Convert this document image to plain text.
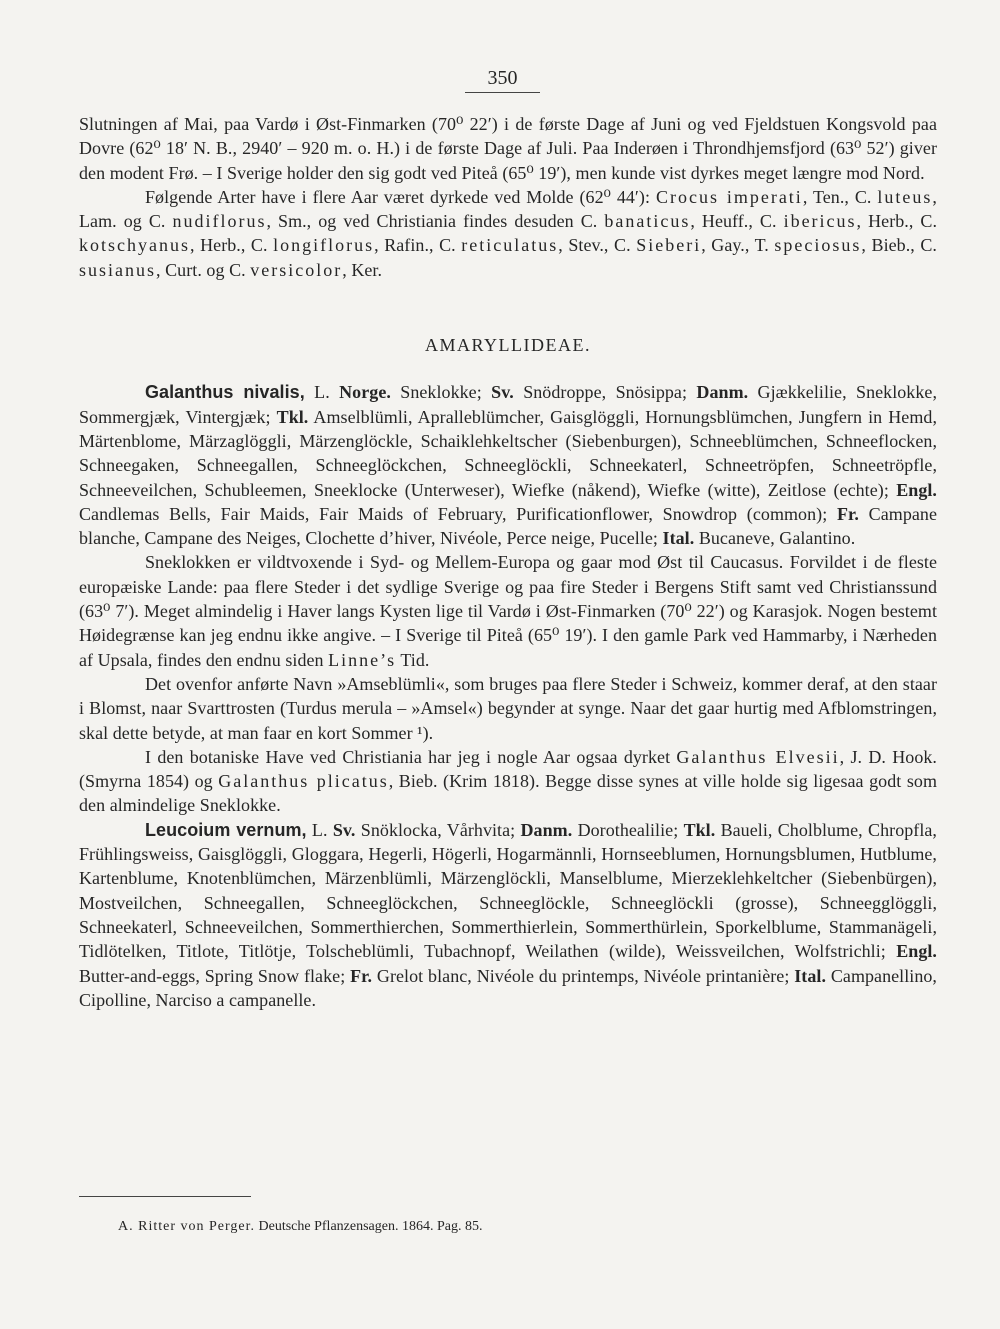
350

Slutningen af Mai, paa Vardø i Øst-Finmarken (70⁰ 22′) i de første Dage af Juni og ved Fjeldstuen Kongsvold paa Dovre (62⁰ 18′ N. B., 2940′ – 920 m. o. H.) i de første Dage af Juli. Paa Inderøen i Throndhjemsfjord (63⁰ 52′) giver den modent Frø. – I Sverige holder den sig godt ved Piteå (65⁰ 19′), men kunde vist dyrkes meget længre mod Nord.

Følgende Arter have i flere Aar været dyrkede ved Molde (62⁰ 44′): Crocus imperati, Ten., C. luteus, Lam. og C. nudiflorus, Sm., og ved Christiania findes desuden C. banaticus, Heuff., C. ibericus, Herb., C. kotschyanus, Herb., C. longiflorus, Rafin., C. reticulatus, Stev., C. Sieberi, Gay., T. speciosus, Bieb., C. susianus, Curt. og C. versicolor, Ker.

AMARYLLIDEAE.

Galanthus nivalis, L. Norge. Sneklokke; Sv. Snödroppe, Snösippa; Danm. Gjækkelilie, Sneklokke, Sommergjæk, Vintergjæk; Tkl. Amselblümli, Apralleblümcher, Gaisglöggli, Hornungsblümchen, Jungfern in Hemd, Märtenblome, Märzaglöggli, Märzenglöckle, Schaiklehkeltscher (Siebenburgen), Schneeblümchen, Schneeflocken, Schneegaken, Schneegallen, Schneeglöckchen, Schneeglöckli, Schneekaterl, Schneetröpfen, Schneetröpfle, Schneeveilchen, Schubleemen, Sneeklocke (Unterweser), Wiefke (nåkend), Wiefke (witte), Zeitlose (echte); Engl. Candlemas Bells, Fair Maids, Fair Maids of February, Purificationflower, Snowdrop (common); Fr. Campane blanche, Campane des Neiges, Clochette d’hiver, Nivéole, Perce neige, Pucelle; Ital. Bucaneve, Galantino.

Sneklokken er vildtvoxende i Syd- og Mellem-Europa og gaar mod Øst til Caucasus. Forvildet i de fleste europæiske Lande: paa flere Steder i det sydlige Sverige og paa fire Steder i Bergens Stift samt ved Christianssund (63⁰ 7′). Meget almindelig i Haver langs Kysten lige til Vardø i Øst-Finmarken (70⁰ 22′) og Karasjok. Nogen bestemt Høidegrænse kan jeg endnu ikke angive. – I Sverige til Piteå (65⁰ 19′). I den gamle Park ved Hammarby, i Nærheden af Upsala, findes den endnu siden Linne’s Tid.

Det ovenfor anførte Navn »Amseblümli«, som bruges paa flere Steder i Schweiz, kommer deraf, at den staar i Blomst, naar Svarttrosten (Turdus merula – »Amsel«) begynder at synge. Naar det gaar hurtig med Afblomstringen, skal dette betyde, at man faar en kort Sommer ¹).

I den botaniske Have ved Christiania har jeg i nogle Aar ogsaa dyrket Galanthus Elvesii, J. D. Hook. (Smyrna 1854) og Galanthus plicatus, Bieb. (Krim 1818). Begge disse synes at ville holde sig ligesaa godt som den almindelige Sneklokke.

Leucoium vernum, L. Sv. Snöklocka, Vårhvita; Danm. Dorothealilie; Tkl. Baueli, Cholblume, Chropfla, Frühlingsweiss, Gaisglöggli, Gloggara, Hegerli, Högerli, Hogarmännli, Hornseeblumen, Hornungsblumen, Hutblume, Kartenblume, Knotenblümchen, Märzenblümli, Märzenglöckli, Manselblume, Mierzeklehkeltcher (Siebenbürgen), Mostveilchen, Schneegallen, Schneeglöckchen, Schneeglöckle, Schneeglöckli (grosse), Schneegglöggli, Schneekaterl, Schneeveilchen, Sommerthierchen, Sommerthierlein, Sommerthürlein, Sporkelblume, Stammanägeli, Tidlötelken, Titlote, Titlötje, Tolscheblümli, Tubachnopf, Weilathen (wilde), Weissveilchen, Wolfstrichli; Engl. Butter-and-eggs, Spring Snow flake; Fr. Grelot blanc, Nivéole du printemps, Nivéole printanière; Ital. Campanellino, Cipolline, Narciso a campanelle.

A. Ritter von Perger. Deutsche Pflanzensagen. 1864. Pag. 85.
